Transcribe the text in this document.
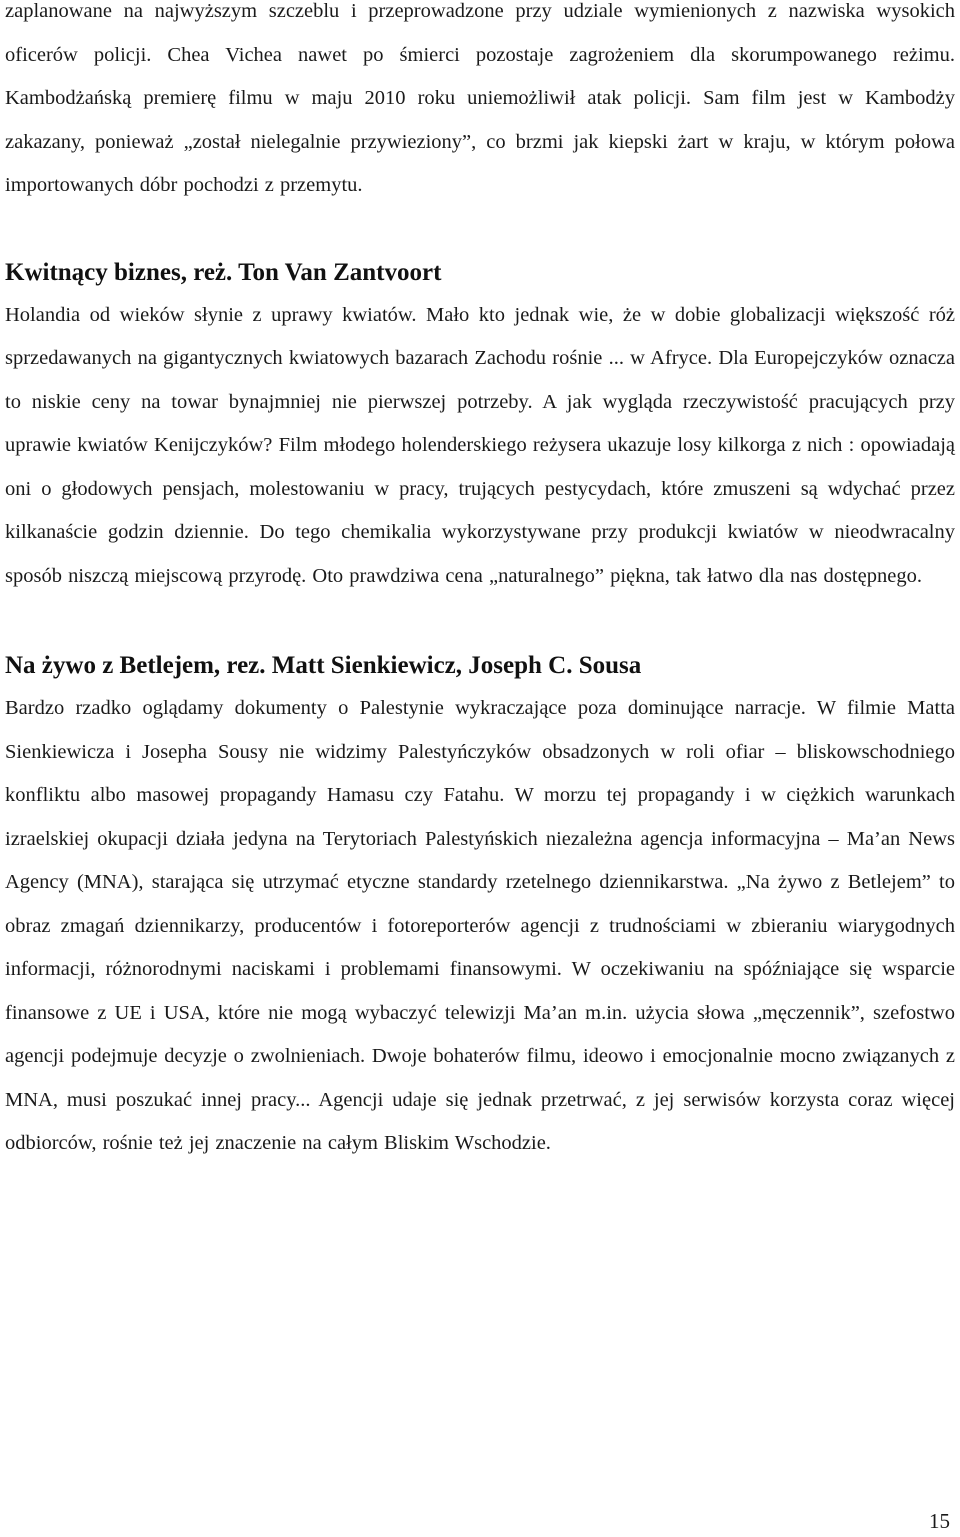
zaplanowane na najwyższym szczeblu i przeprowadzone przy udziale wymienionych z nazwiska wysokich oficerów policji. Chea Vichea nawet po śmierci pozostaje zagrożeniem dla skorumpowanego reżimu. Kambodżańską premierę filmu w maju 2010 roku uniemożliwił atak policji. Sam film jest w Kambodży zakazany, ponieważ „został nielegalnie przywieziony”, co brzmi jak kiepski żart w kraju, w którym połowa importowanych dóbr pochodzi z przemytu.

Kwitnący biznes, reż. Ton Van Zantvoort

Holandia od wieków słynie z uprawy kwiatów. Mało kto jednak wie, że w dobie globalizacji większość róż sprzedawanych na gigantycznych kwiatowych bazarach Zachodu rośnie ... w Afryce. Dla Europejczyków oznacza to niskie ceny na towar bynajmniej nie pierwszej potrzeby. A jak wygląda rzeczywistość pracujących przy uprawie kwiatów Kenijczyków? Film młodego holenderskiego reżysera ukazuje losy kilkorga z nich : opowiadają oni o głodowych pensjach, molestowaniu w pracy, trujących pestycydach, które zmuszeni są wdychać przez kilkanaście godzin dziennie. Do tego chemikalia wykorzystywane przy produkcji kwiatów w nieodwracalny sposób niszczą miejscową przyrodę. Oto prawdziwa cena „naturalnego” piękna, tak łatwo dla nas dostępnego.

Na żywo z Betlejem, rez. Matt Sienkiewicz, Joseph C. Sousa

Bardzo rzadko oglądamy dokumenty o Palestynie wykraczające poza dominujące narracje. W filmie Matta Sienkiewicza i Josepha Sousy nie widzimy Palestyńczyków obsadzonych w roli ofiar – bliskowschodniego konfliktu albo masowej propagandy Hamasu czy Fatahu. W morzu tej propagandy i w ciężkich warunkach izraelskiej okupacji działa jedyna na Terytoriach Palestyńskich niezależna agencja informacyjna – Ma’an News Agency (MNA), starająca się utrzymać etyczne standardy rzetelnego dziennikarstwa. „Na żywo z Betlejem” to obraz zmagań dziennikarzy, producentów i fotoreporterów agencji z trudnościami w zbieraniu wiarygodnych informacji, różnorodnymi naciskami i problemami finansowymi. W oczekiwaniu na spóźniające się wsparcie finansowe z UE i USA, które nie mogą wybaczyć telewizji Ma’an m.in. użycia słowa „męczennik”, szefostwo agencji podejmuje decyzje o zwolnieniach. Dwoje bohaterów filmu, ideowo i emocjonalnie mocno związanych z MNA, musi poszukać innej pracy... Agencji udaje się jednak przetrwać, z jej serwisów korzysta coraz więcej odbiorców, rośnie też jej znaczenie na całym Bliskim Wschodzie.

15
